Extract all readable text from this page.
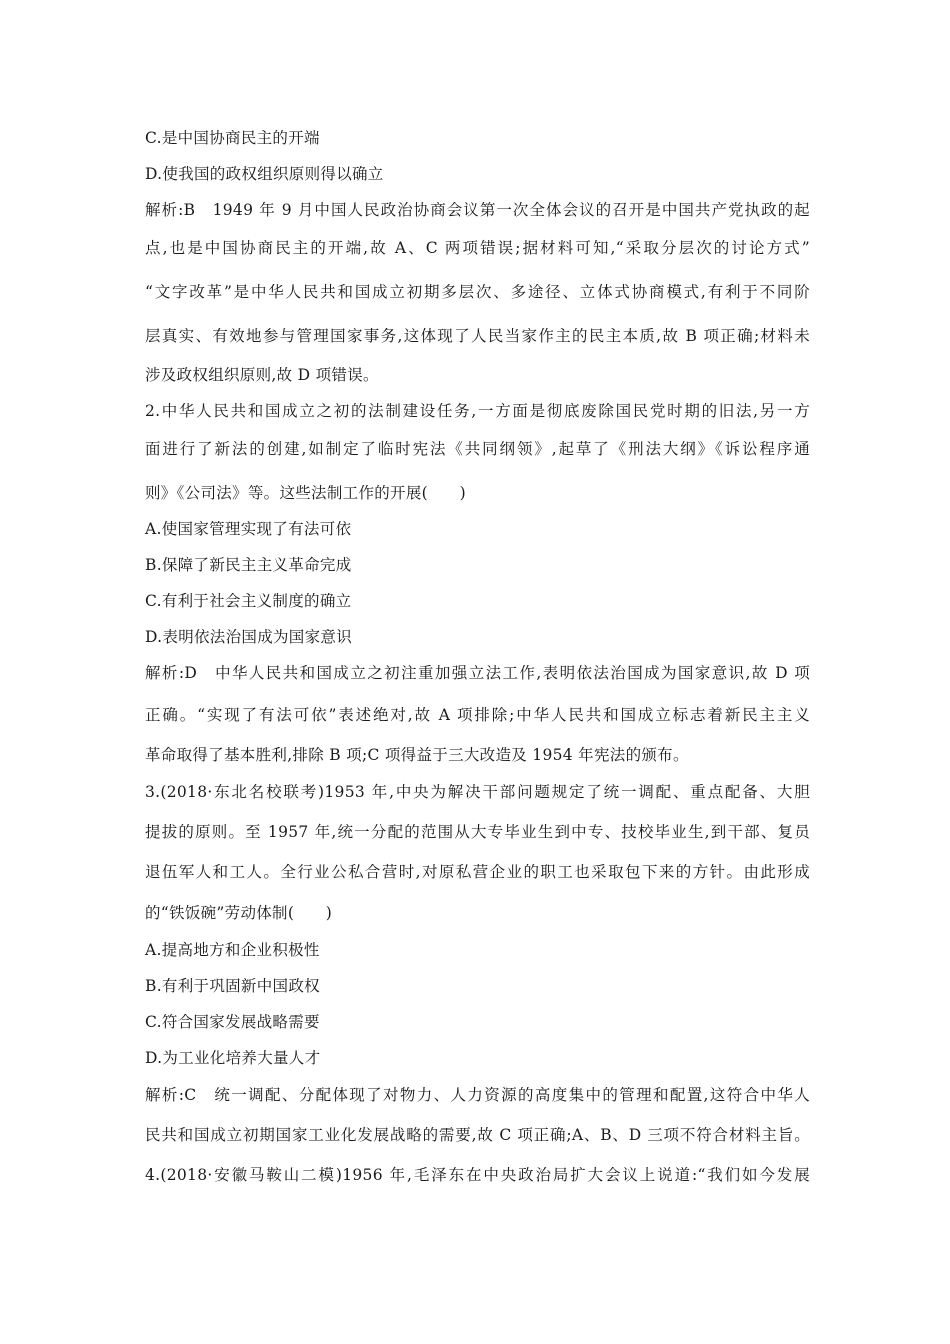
C.是中国协商民主的开端
D.使我国的政权组织原则得以确立
解析:B　1949 年 9 月中国人民政治协商会议第一次全体会议的召开是中国共产党执政的起
点,也是中国协商民主的开端,故 A、C 两项错误;据材料可知,“采取分层次的讨论方式”
“文字改革”是中华人民共和国成立初期多层次、多途径、立体式协商模式,有利于不同阶
层真实、有效地参与管理国家事务,这体现了人民当家作主的民主本质,故 B 项正确;材料未
涉及政权组织原则,故 D 项错误。
2.中华人民共和国成立之初的法制建设任务,一方面是彻底废除国民党时期的旧法,另一方
面进行了新法的创建,如制定了临时宪法《共同纲领》,起草了《刑法大纲》《诉讼程序通
则》《公司法》等。这些法制工作的开展(　　)
A.使国家管理实现了有法可依
B.保障了新民主主义革命完成
C.有利于社会主义制度的确立
D.表明依法治国成为国家意识
解析:D　中华人民共和国成立之初注重加强立法工作,表明依法治国成为国家意识,故 D 项
正确。“实现了有法可依”表述绝对,故 A 项排除;中华人民共和国成立标志着新民主主义
革命取得了基本胜利,排除 B 项;C 项得益于三大改造及 1954 年宪法的颁布。
3.(2018·东北名校联考)1953 年,中央为解决干部问题规定了统一调配、重点配备、大胆
提拔的原则。至 1957 年,统一分配的范围从大专毕业生到中专、技校毕业生,到干部、复员
退伍军人和工人。全行业公私合营时,对原私营企业的职工也采取包下来的方针。由此形成
的“铁饭碗”劳动体制(　　)
A.提高地方和企业积极性
B.有利于巩固新中国政权
C.符合国家发展战略需要
D.为工业化培养大量人才
解析:C　统一调配、分配体现了对物力、人力资源的高度集中的管理和配置,这符合中华人
民共和国成立初期国家工业化发展战略的需要,故 C 项正确;A、B、D 三项不符合材料主旨。
4.(2018·安徽马鞍山二模)1956 年,毛泽东在中央政治局扩大会议上说道:“我们如今发展
